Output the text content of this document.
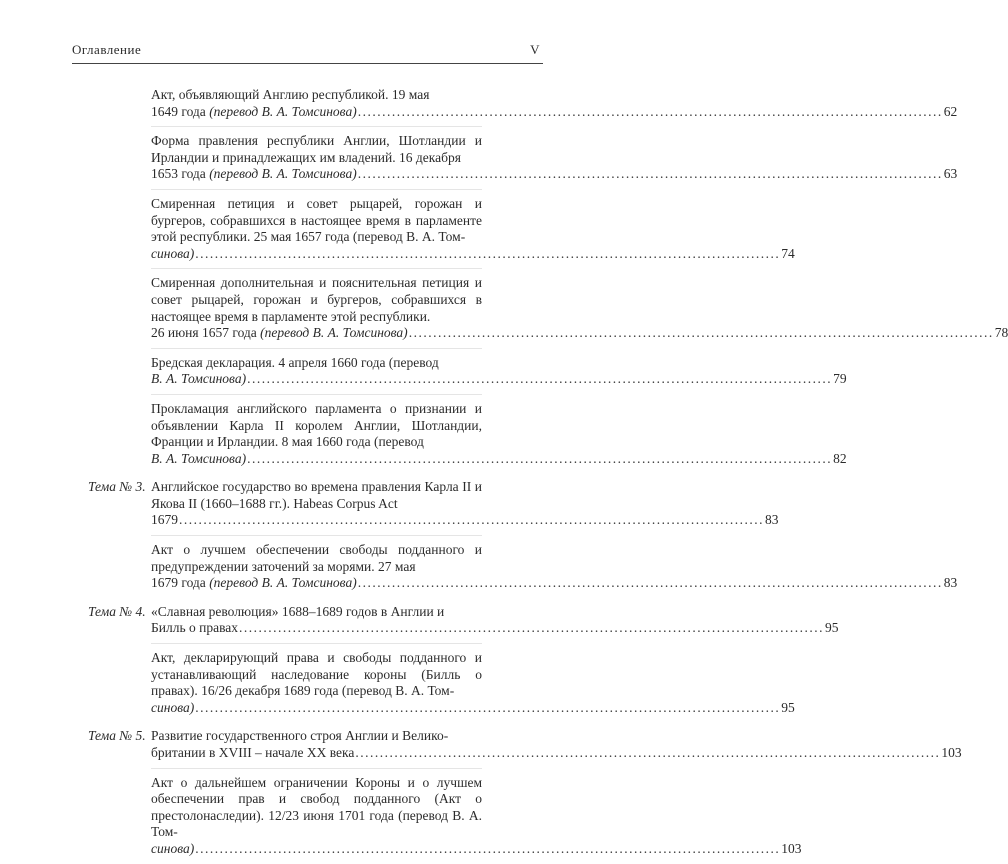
Оглавление	V
Акт, объявляющий Англию республикой. 19 мая
1649 года (перевод В. А. Томсинова) ........................................................................................................................ 62
Форма правления республики Англии, Шотландии и Ирландии и принадлежащих им владений. 16 декабря
1653 года (перевод В. А. Томсинова) ........................................................................................................................ 63
Смиренная петиция и совет рыцарей, горожан и бургеров, собравшихся в настоящее время в парламенте этой республики. 25 мая 1657 года (перевод В. А. Том-
синова) ........................................................................................................................ 74
Смиренная дополнительная и пояснительная петиция и совет рыцарей, горожан и бургеров, собравшихся в настоящее время в парламенте этой республики.
26 июня 1657 года (перевод В. А. Томсинова) ........................................................................................................................ 78
Бредская декларация. 4 апреля 1660 года (перевод
В. А. Томсинова) ........................................................................................................................ 79
Прокламация английского парламента о признании и объявлении Карла II королем Англии, Шотландии, Франции и Ирландии. 8 мая 1660 года (перевод
В. А. Томсинова) ........................................................................................................................ 82
Тема № 3. Английское государство во времена правления Карла II и Якова II (1660–1688 гг.). Habeas Corpus Act
1679 ........................................................................................................................ 83
Акт о лучшем обеспечении свободы подданного и предупреждении заточений за морями. 27 мая
1679 года (перевод В. А. Томсинова) ........................................................................................................................ 83
Тема № 4. «Славная революция» 1688–1689 годов в Англии и
Билль о правах ........................................................................................................................ 95
Акт, декларирующий права и свободы подданного и устанавливающий наследование короны (Билль о правах). 16/26 декабря 1689 года (перевод В. А. Том-
синова) ........................................................................................................................ 95
Тема № 5. Развитие государственного строя Англии и Велико-
британии в XVIII – начале XX века ........................................................................................................................ 103
Акт о дальнейшем ограничении Короны и о лучшем обеспечении прав и свобод подданного (Акт о престолонаследии). 12/23 июня 1701 года (перевод В. А. Том-
синова) ........................................................................................................................ 103
